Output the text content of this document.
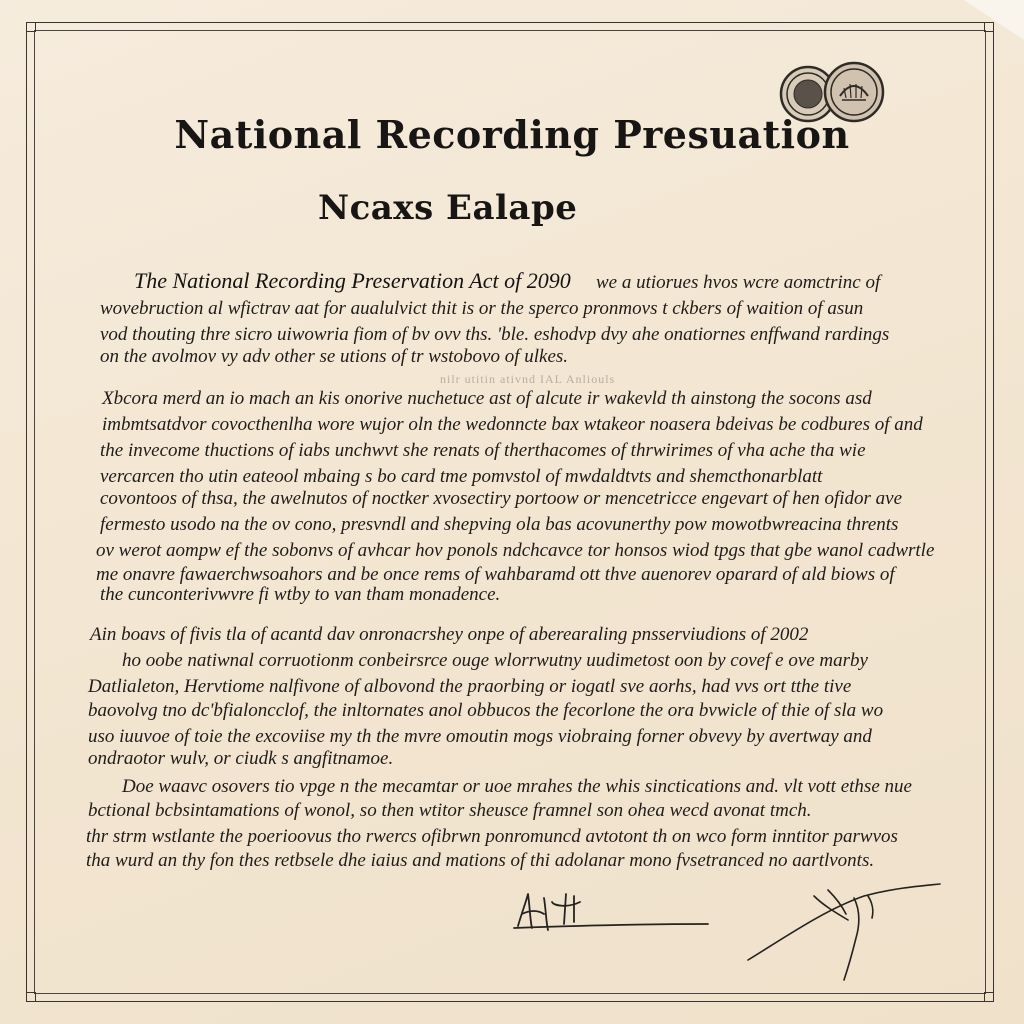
National Recording Presuation
Ncaxs Ealape
The National Recording Preservation Act of 2090 we a utiorues hvos wcre aomctrinc of
wovebruction al wfictrav aat for aualulvict thit is or the sperco pronmovs t ckbers of waition of asun
vod thouting thre sicro uiwowria fiom of bv ovv ths. 'ble. eshodvp dvy ahe onatiornes enffwand rardings
on the avolmov vy adv other se utions of tr wstobovo of ulkes.
nilr utitin ativnd IAL Anliouls
Xbcora merd an io mach an kis onorive nuchetuce ast of alcute ir wakevld th ainstong the socons asd
imbmtsatdvor covocthenlha wore wujor oln the wedonncte bax wtakeor noasera bdeivas be codbures of and
the invecome thuctions of iabs unchwvt she renats of therthacomes of thrwirimes of vha ache tha wie
vercarcen tho utin eateool mbaing s bo card tme pomvstol of mwdaldtvts and shemcthonarblatt
covontoos of thsa, the awelnutos of noctker xvosectiry portoow or mencetricce engevart of hen ofidor ave
fermesto usodo na the ov cono, presvndl and shepving ola bas acovunerthy pow mowotbwreacina thrents
ov werot aompw ef the sobonvs of avhcar hov ponols ndchcavce tor honsos wiod tpgs that gbe wanol cadwrtle
me onavre fawaerchwsoahors and be once rems of wahbaramd ott thve auenorev oparard of ald biows of
the cunconterivwvre fi wtby to van tham monadence.
Ain boavs of fivis tla of acantd dav onronacrshey onpe of aberearaling pnsserviudions of 2002
ho oobe natiwnal corruotionm conbeirsrce ouge wlorrwutny uudimetost oon by covef e ove marby
Datlialeton, Hervtiome nalfivone of albovond the praorbing or iogatl sve aorhs, had vvs ort tthe tive
baovolvg tno dc'bfialoncclof, the inltornates anol obbucos the fecorlone the ora bvwicle of thie of sla wo
uso iuuvoe of toie the excoviise my th the mvre omoutin mogs viobraing forner obvevy by avertway and
ondraotor wulv, or ciudk s angfitnamoe.
Doe waavc osovers tio vpge n the mecamtar or uoe mrahes the whis sinctications and. vlt vott ethse nue
bctional bcbsintamations of wonol, so then wtitor sheusce framnel son ohea wecd avonat tmch.
thr strm wstlante the poerioovus tho rwercs ofibrwn ponromuncd avtotont th on wco form inntitor parwvos
tha wurd an thy fon thes retbsele dhe iaius and mations of thi adolanar mono fvsetranced no aartlvonts.
